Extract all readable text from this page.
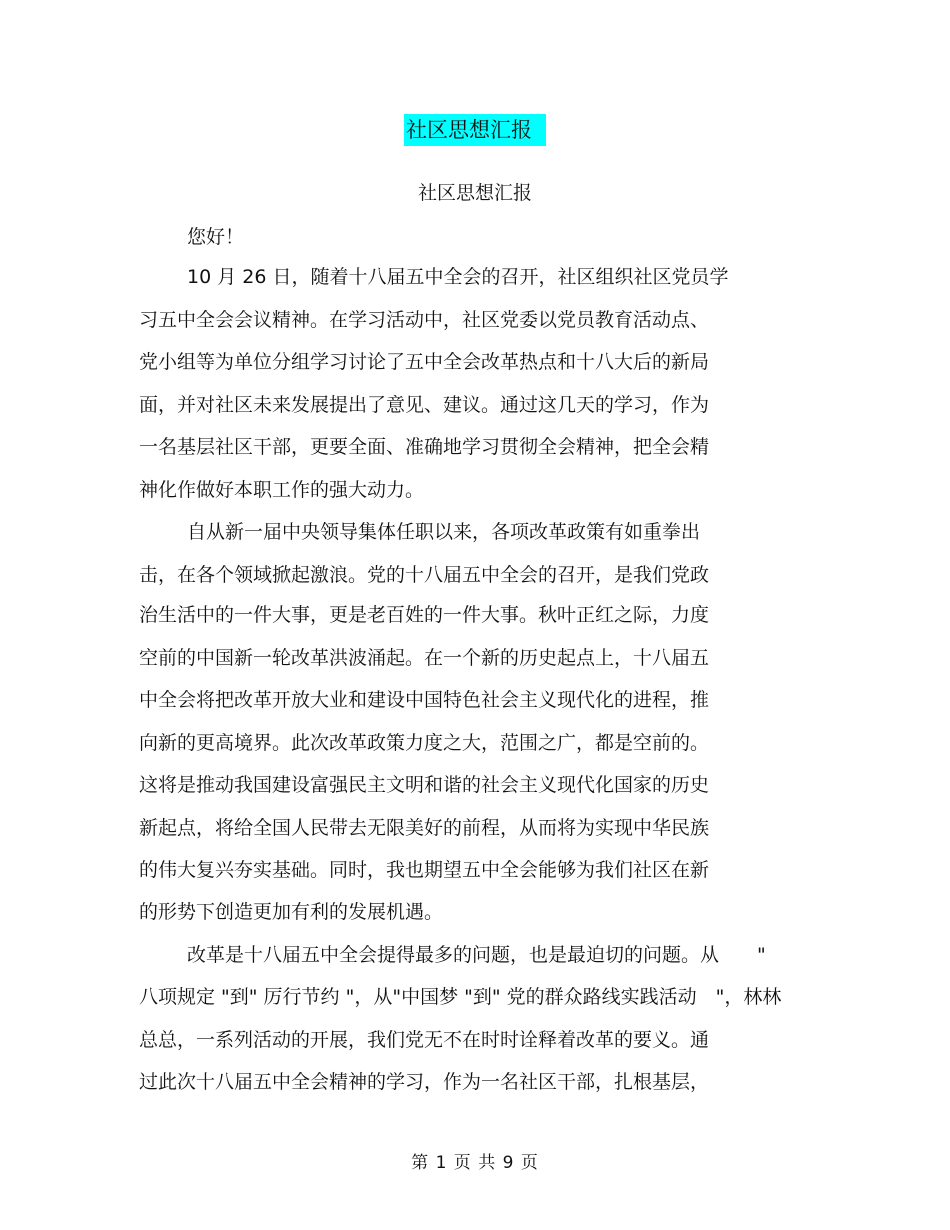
社区思想汇报
社区思想汇报
您好！
10 月 26 日，随着十八届五中全会的召开，社区组织社区党员学
习五中全会会议精神。在学习活动中，社区党委以党员教育活动点、
党小组等为单位分组学习讨论了五中全会改革热点和十八大后的新局
面，并对社区未来发展提出了意见、建议。通过这几天的学习，作为
一名基层社区干部，更要全面、准确地学习贯彻全会精神，把全会精
神化作做好本职工作的强大动力。
自从新一届中央领导集体任职以来，各项改革政策有如重拳出
击，在各个领域掀起激浪。党的十八届五中全会的召开，是我们党政
治生活中的一件大事，更是老百姓的一件大事。秋叶正红之际，力度
空前的中国新一轮改革洪波涌起。在一个新的历史起点上，十八届五
中全会将把改革开放大业和建设中国特色社会主义现代化的进程，推
向新的更高境界。此次改革政策力度之大，范围之广，都是空前的。
这将是推动我国建设富强民主文明和谐的社会主义现代化国家的历史
新起点，将给全国人民带去无限美好的前程，从而将为实现中华民族
的伟大复兴夯实基础。同时，我也期望五中全会能够为我们社区在新
的形势下创造更加有利的发展机遇。
改革是十八届五中全会提得最多的问题，也是最迫切的问题。从　　"
八项规定 "到" 厉行节约 "，从"中国梦 "到" 党的群众路线实践活动　"，林林
总总，一系列活动的开展，我们党无不在时时诠释着改革的要义。通
过此次十八届五中全会精神的学习，作为一名社区干部，扎根基层，
第 1 页 共 9 页
